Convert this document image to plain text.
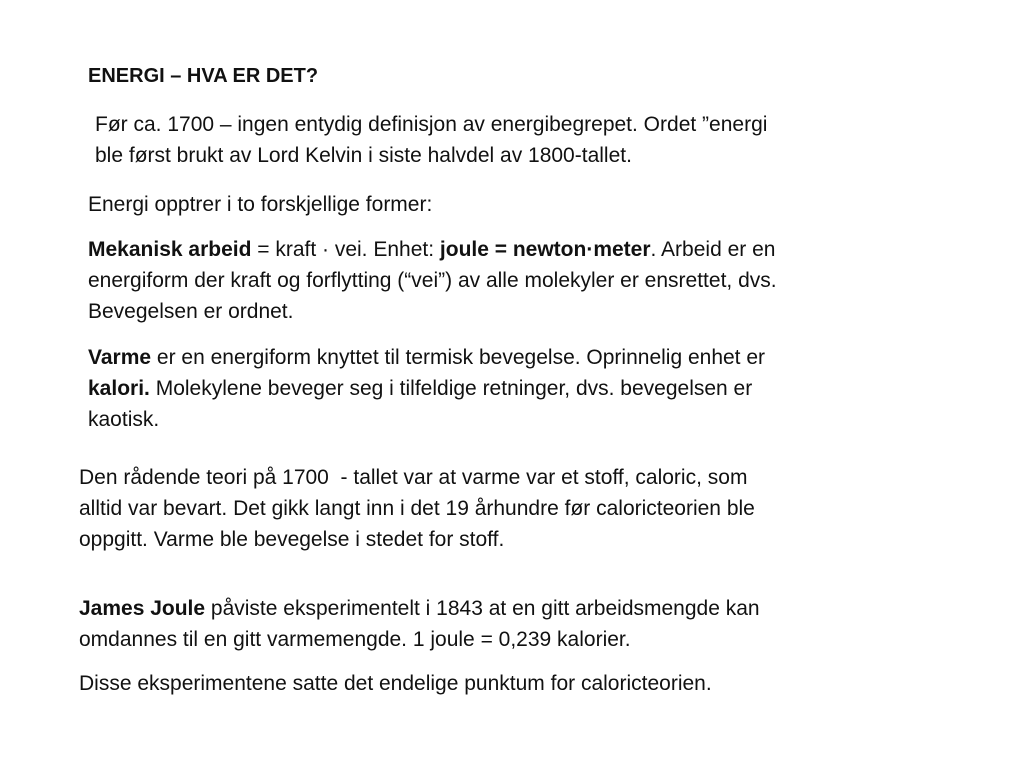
ENERGI – HVA ER DET?
Før ca. 1700 – ingen entydig definisjon av energibegrepet. Ordet ”energi
ble først brukt av Lord Kelvin i siste halvdel av 1800-tallet.
Energi opptrer i to forskjellige former:
Mekanisk arbeid = kraft · vei. Enhet: joule = newton·meter. Arbeid er en
energiform der kraft og forflytting (“vei”) av alle molekyler er ensrettet, dvs.
Bevegelsen er ordnet.
Varme er en energiform knyttet til termisk bevegelse. Oprinnelig enhet er
kalori. Molekylene beveger seg i tilfeldige retninger, dvs. bevegelsen er
kaotisk.
Den rådende teori på 1700  - tallet var at varme var et stoff, caloric, som
alltid var bevart. Det gikk langt inn i det 19 århundre før caloricteorien ble
oppgitt. Varme ble bevegelse i stedet for stoff.
James Joule påviste eksperimentelt i 1843 at en gitt arbeidsmengde kan
omdannes til en gitt varmemengde. 1 joule = 0,239 kalorier.
Disse eksperimentene satte det endelige punktum for caloricteorien.
